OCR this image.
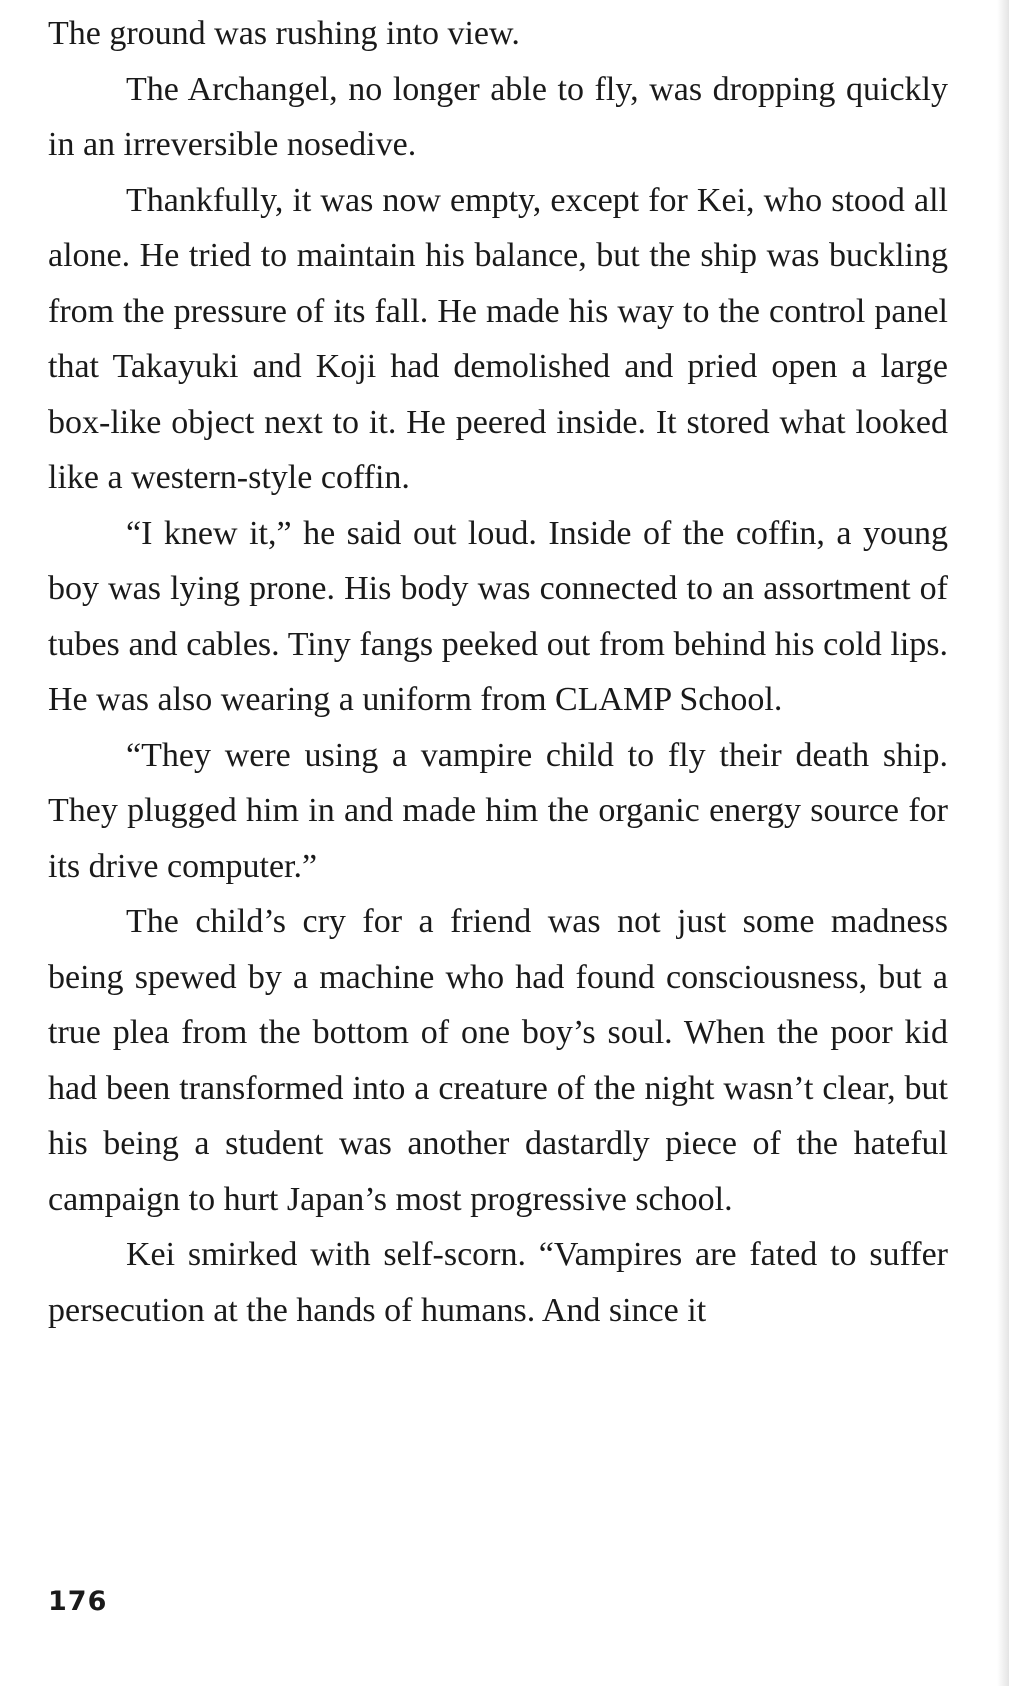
The ground was rushing into view.

The Archangel, no longer able to fly, was dropping quickly in an irreversible nosedive.

Thankfully, it was now empty, except for Kei, who stood all alone. He tried to maintain his balance, but the ship was buckling from the pressure of its fall. He made his way to the control panel that Takayuki and Koji had demolished and pried open a large box-like object next to it. He peered inside. It stored what looked like a western-style coffin.

“I knew it,” he said out loud. Inside of the coffin, a young boy was lying prone. His body was connected to an assortment of tubes and cables. Tiny fangs peeked out from behind his cold lips. He was also wearing a uniform from CLAMP School.

“They were using a vampire child to fly their death ship. They plugged him in and made him the organic energy source for its drive computer.”

The child’s cry for a friend was not just some madness being spewed by a machine who had found consciousness, but a true plea from the bottom of one boy’s soul. When the poor kid had been transformed into a creature of the night wasn’t clear, but his being a student was another dastardly piece of the hateful campaign to hurt Japan’s most progressive school.

Kei smirked with self-scorn. “Vampires are fated to suffer persecution at the hands of humans. And since it

176
